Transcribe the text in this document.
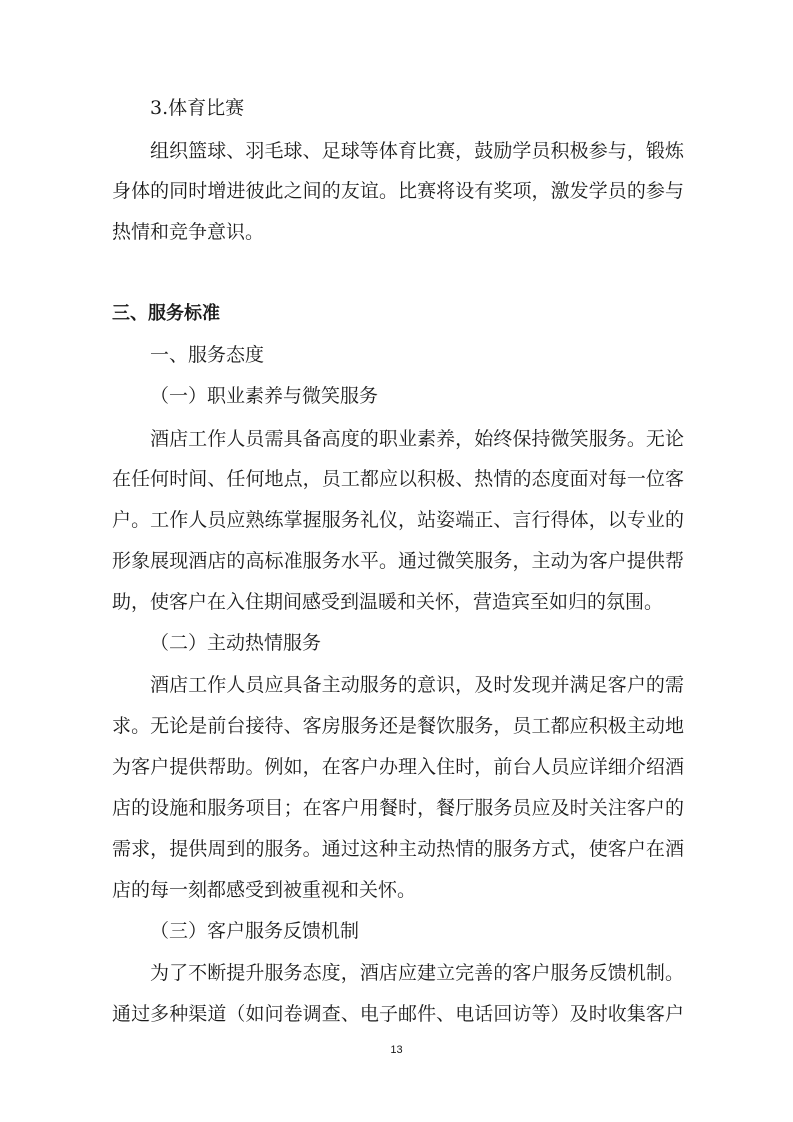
3.体育比赛
组织篮球、羽毛球、足球等体育比赛，鼓励学员积极参与，锻炼
身体的同时增进彼此之间的友谊。比赛将设有奖项，激发学员的参与
热情和竞争意识。
三、服务标准
一、服务态度
（一）职业素养与微笑服务
酒店工作人员需具备高度的职业素养，始终保持微笑服务。无论
在任何时间、任何地点，员工都应以积极、热情的态度面对每一位客
户。工作人员应熟练掌握服务礼仪，站姿端正、言行得体，以专业的
形象展现酒店的高标准服务水平。通过微笑服务，主动为客户提供帮
助，使客户在入住期间感受到温暖和关怀，营造宾至如归的氛围。
（二）主动热情服务
酒店工作人员应具备主动服务的意识，及时发现并满足客户的需
求。无论是前台接待、客房服务还是餐饮服务，员工都应积极主动地
为客户提供帮助。例如，在客户办理入住时，前台人员应详细介绍酒
店的设施和服务项目；在客户用餐时，餐厅服务员应及时关注客户的
需求，提供周到的服务。通过这种主动热情的服务方式，使客户在酒
店的每一刻都感受到被重视和关怀。
（三）客户服务反馈机制
为了不断提升服务态度，酒店应建立完善的客户服务反馈机制。
通过多种渠道（如问卷调查、电子邮件、电话回访等）及时收集客户
13
